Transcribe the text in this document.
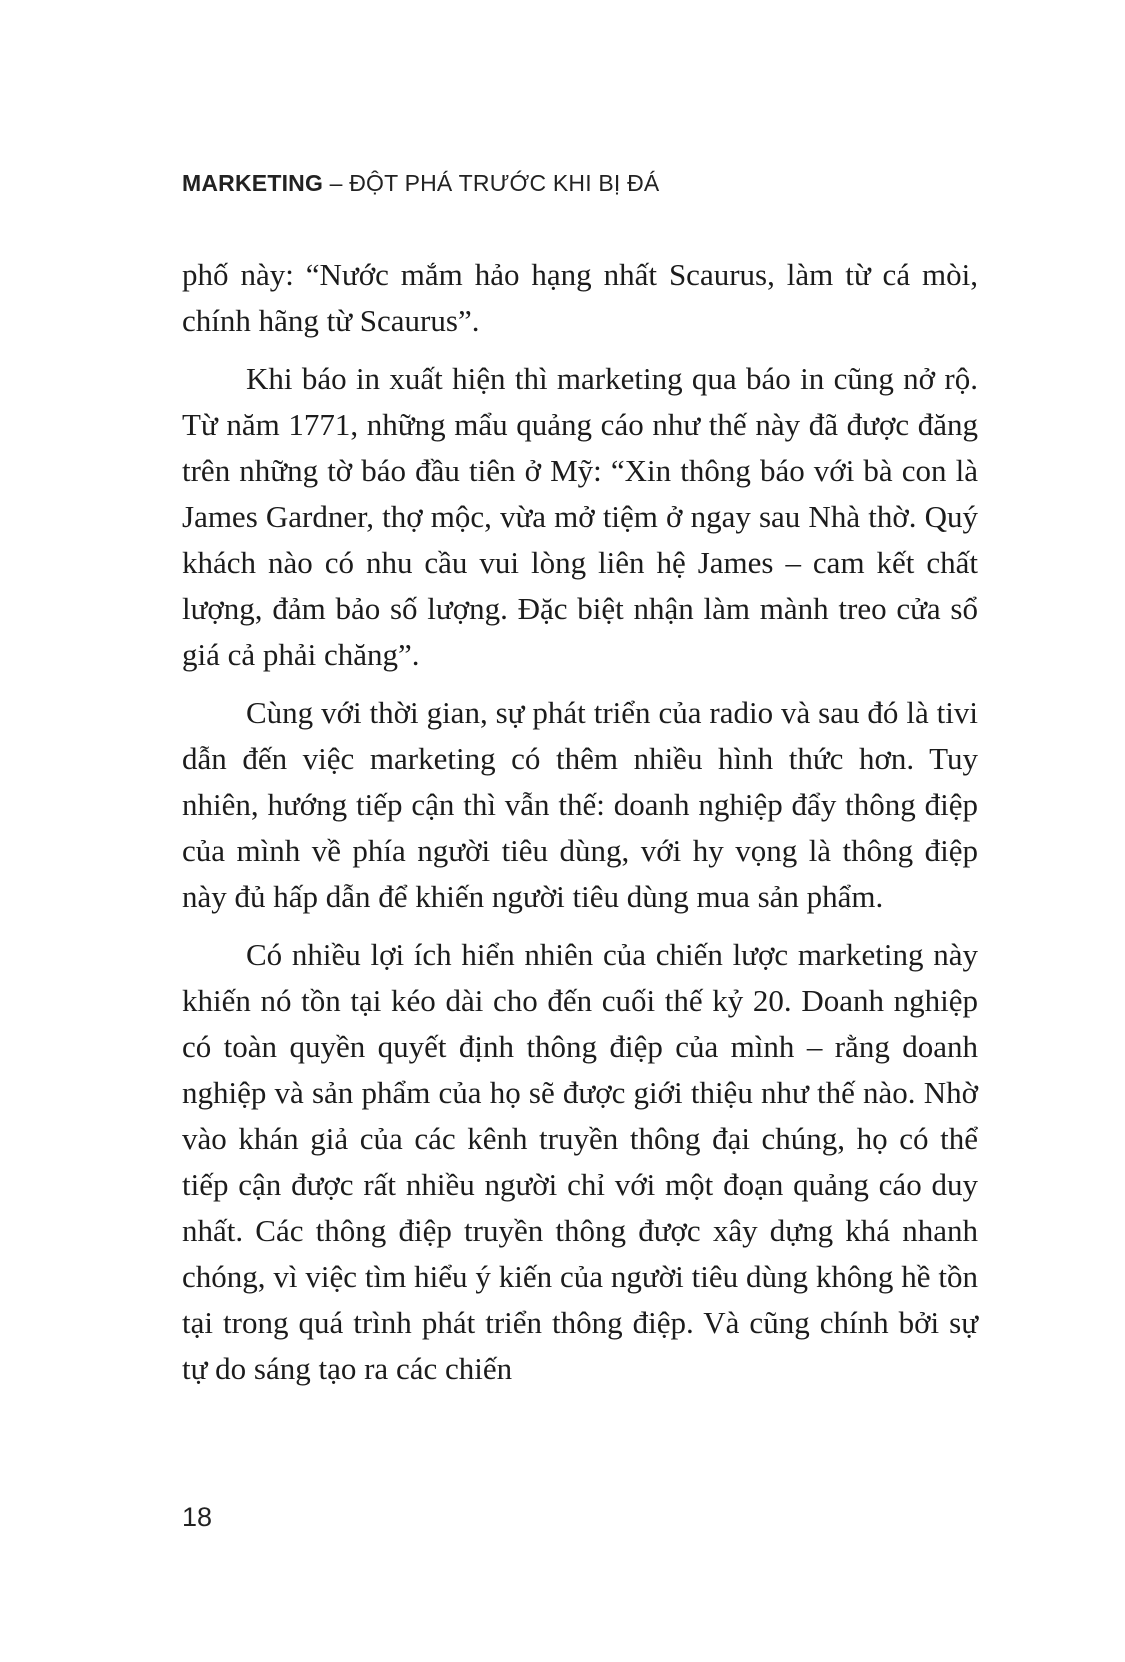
MARKETING – ĐỘT PHÁ TRƯỚC KHI BỊ ĐÁ

phố này: “Nước mắm hảo hạng nhất Scaurus, làm từ cá mòi, chính hãng từ Scaurus”.

Khi báo in xuất hiện thì marketing qua báo in cũng nở rộ. Từ năm 1771, những mẩu quảng cáo như thế này đã được đăng trên những tờ báo đầu tiên ở Mỹ: “Xin thông báo với bà con là James Gardner, thợ mộc, vừa mở tiệm ở ngay sau Nhà thờ. Quý khách nào có nhu cầu vui lòng liên hệ James – cam kết chất lượng, đảm bảo số lượng. Đặc biệt nhận làm mành treo cửa sổ giá cả phải chăng”.

Cùng với thời gian, sự phát triển của radio và sau đó là tivi dẫn đến việc marketing có thêm nhiều hình thức hơn. Tuy nhiên, hướng tiếp cận thì vẫn thế: doanh nghiệp đẩy thông điệp của mình về phía người tiêu dùng, với hy vọng là thông điệp này đủ hấp dẫn để khiến người tiêu dùng mua sản phẩm.

Có nhiều lợi ích hiển nhiên của chiến lược marketing này khiến nó tồn tại kéo dài cho đến cuối thế kỷ 20. Doanh nghiệp có toàn quyền quyết định thông điệp của mình – rằng doanh nghiệp và sản phẩm của họ sẽ được giới thiệu như thế nào. Nhờ vào khán giả của các kênh truyền thông đại chúng, họ có thể tiếp cận được rất nhiều người chỉ với một đoạn quảng cáo duy nhất. Các thông điệp truyền thông được xây dựng khá nhanh chóng, vì việc tìm hiểu ý kiến của người tiêu dùng không hề tồn tại trong quá trình phát triển thông điệp. Và cũng chính bởi sự tự do sáng tạo ra các chiến

18
